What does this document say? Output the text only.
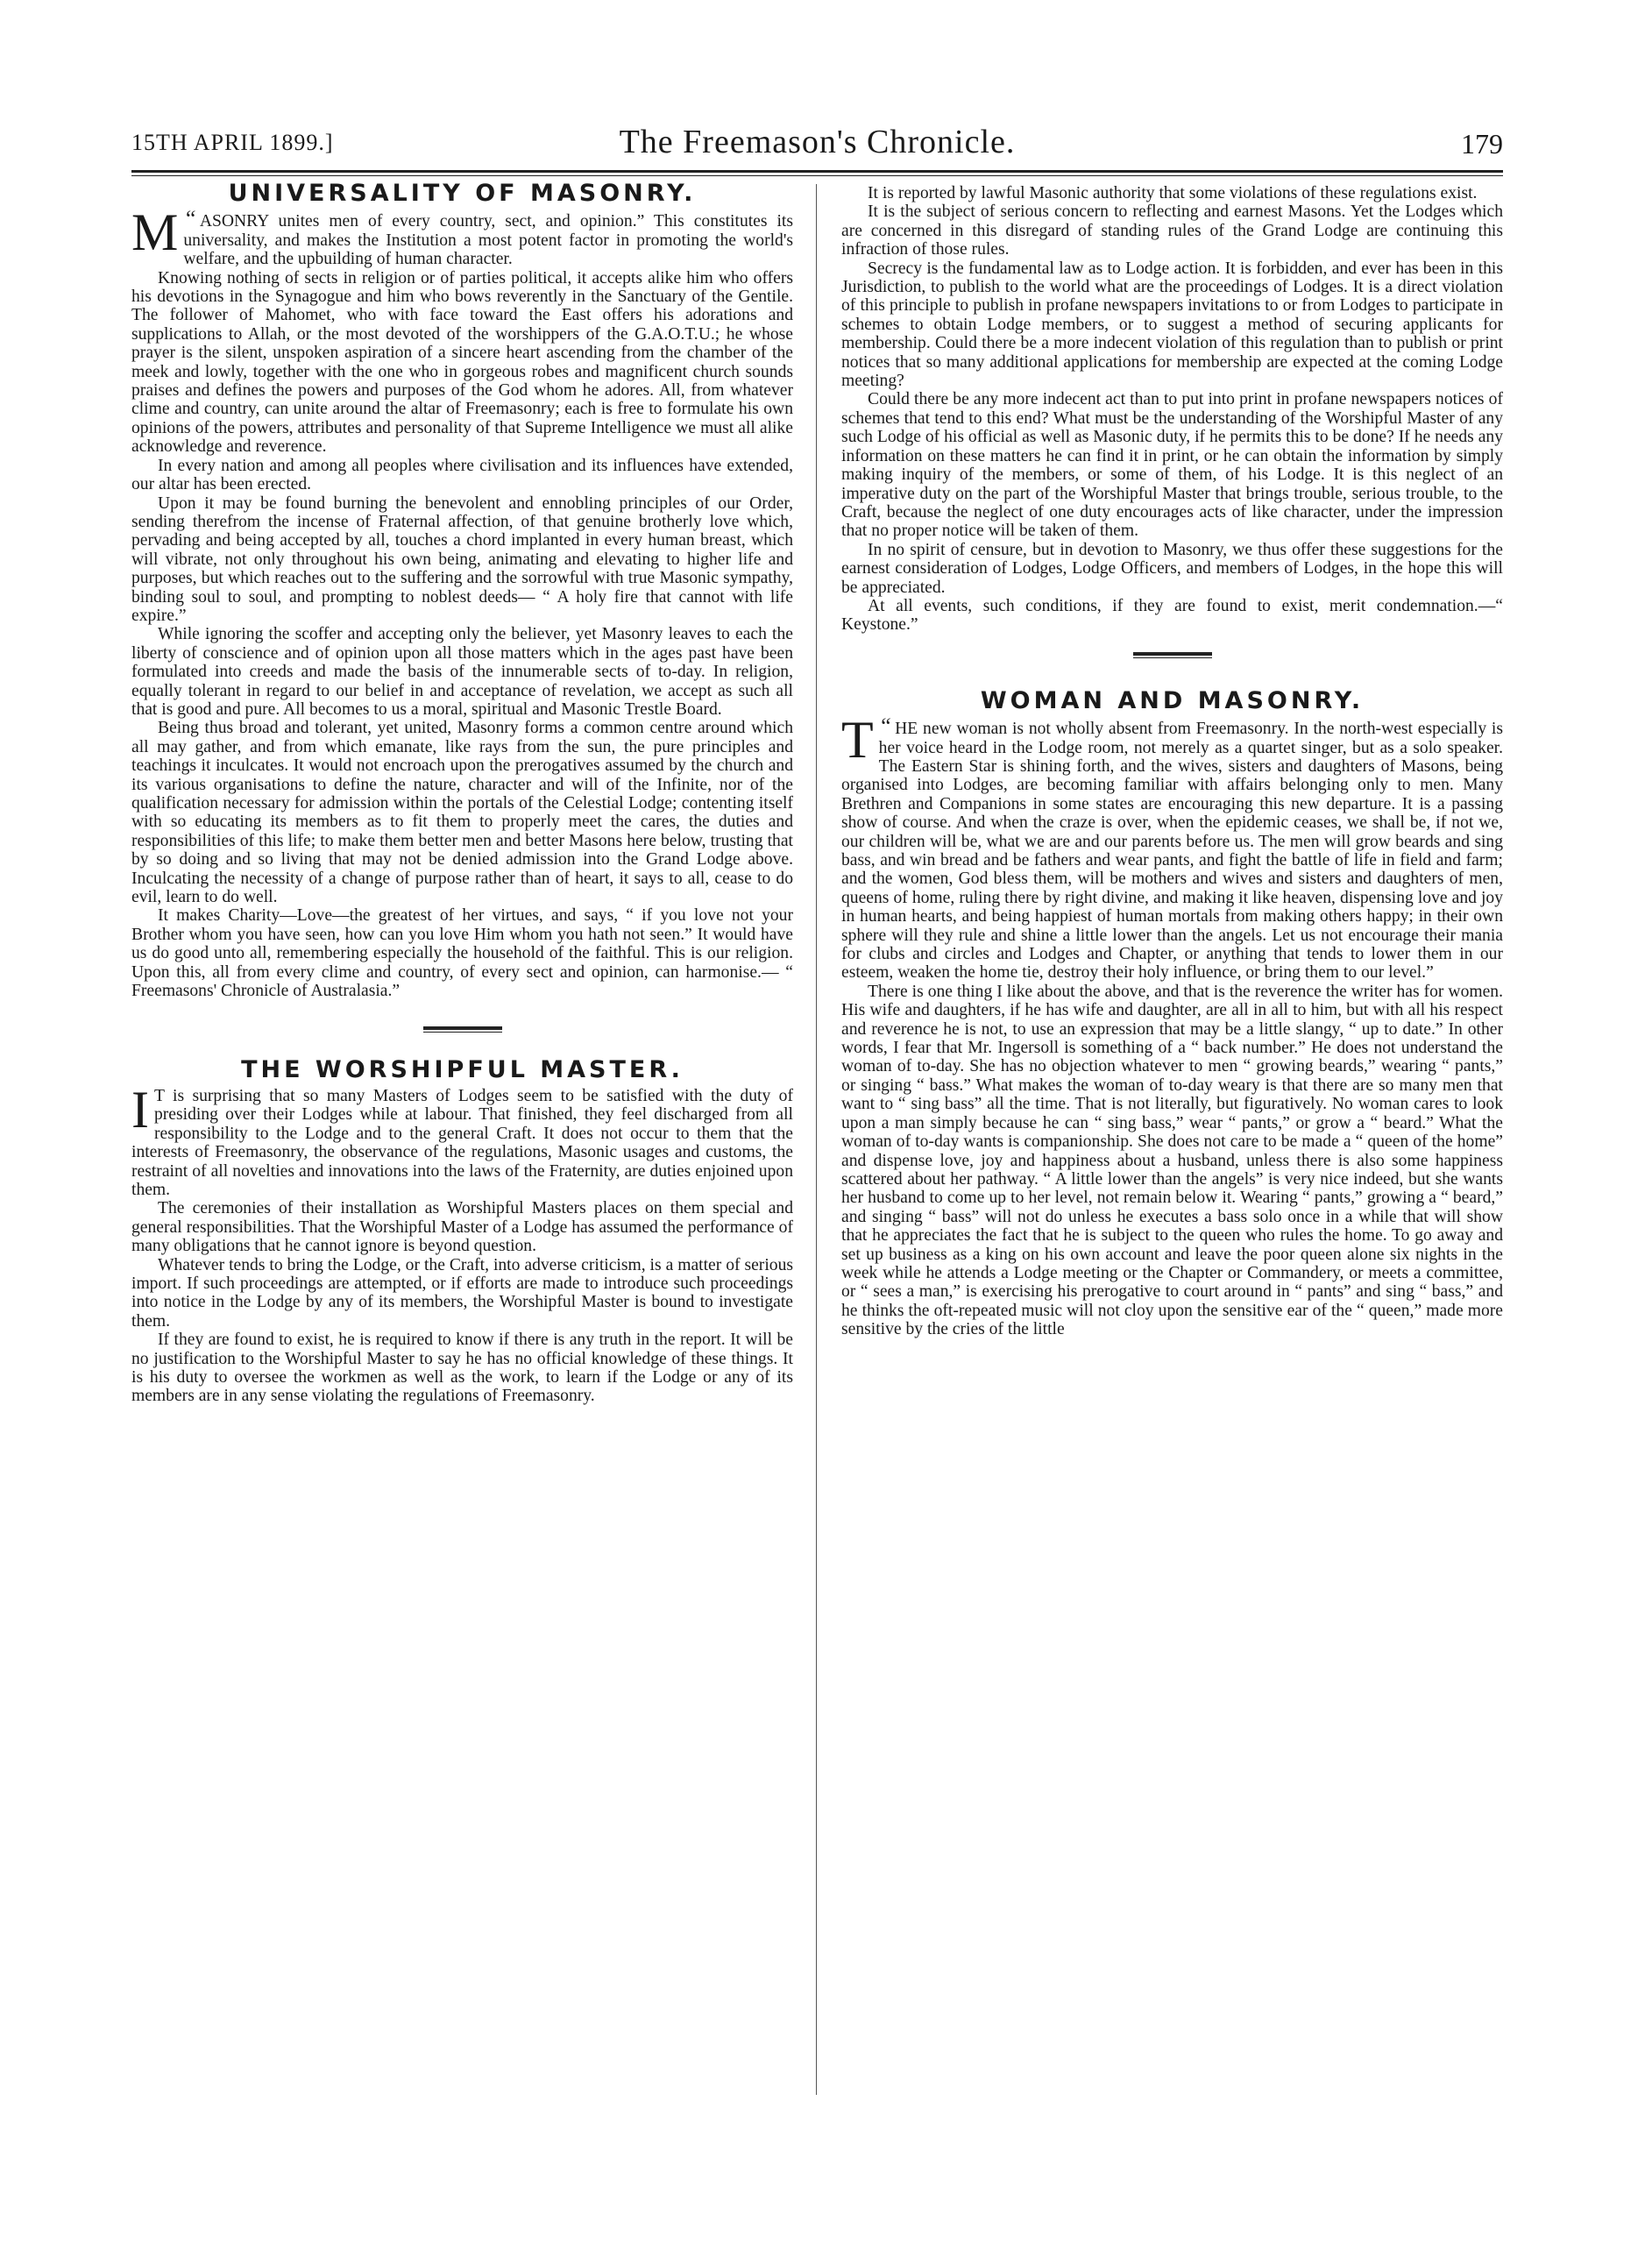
15TH APRIL 1899.]	The Freemason's Chronicle.	179
UNIVERSALITY OF MASONRY.

“
M	ASONRY unites men of every country, sect, and opinion.” This constitutes its universality, and makes the Institution a most potent factor in promoting the world's welfare, and the upbuilding of human character.

Knowing nothing of sects in religion or of parties political, it accepts alike him who offers his devotions in the Synagogue and him who bows reverently in the Sanctuary of the Gentile. The follower of Mahomet, who with face toward the East offers his adorations and supplications to Allah, or the most devoted of the worshippers of the G.A.O.T.U.; he whose prayer is the silent, unspoken aspiration of a sincere heart ascending from the chamber of the meek and lowly, together with the one who in gorgeous robes and magnificent church sounds praises and defines the powers and purposes of the God whom he adores. All, from whatever clime and country, can unite around the altar of Freemasonry; each is free to formulate his own opinions of the powers, attributes and personality of that Supreme Intelligence we must all alike acknowledge and reverence.

In every nation and among all peoples where civilisation and its influences have extended, our altar has been erected.

Upon it may be found burning the benevolent and ennobling principles of our Order, sending therefrom the incense of Fraternal affection, of that genuine brotherly love which, pervading and being accepted by all, touches a chord implanted in every human breast, which will vibrate, not only throughout his own being, animating and elevating to higher life and purposes, but which reaches out to the suffering and the sorrowful with true Masonic sympathy, binding soul to soul, and prompting to noblest deeds— “ A holy fire that cannot with life expire.”

While ignoring the scoffer and accepting only the believer, yet Masonry leaves to each the liberty of conscience and of opinion upon all those matters which in the ages past have been formulated into creeds and made the basis of the innumerable sects of to-day. In religion, equally tolerant in regard to our belief in and acceptance of revelation, we accept as such all that is good and pure. All becomes to us a moral, spiritual and Masonic Trestle Board.

Being thus broad and tolerant, yet united, Masonry forms a common centre around which all may gather, and from which emanate, like rays from the sun, the pure principles and teachings it inculcates. It would not encroach upon the prerogatives assumed by the church and its various organisations to define the nature, character and will of the Infinite, nor of the qualification necessary for admission within the portals of the Celestial Lodge; contenting itself with so educating its members as to fit them to properly meet the cares, the duties and responsibilities of this life; to make them better men and better Masons here below, trusting that by so doing and so living that may not be denied admission into the Grand Lodge above. Inculcating the necessity of a change of purpose rather than of heart, it says to all, cease to do evil, learn to do well.

It makes Charity—Love—the greatest of her virtues, and says, “ if you love not your Brother whom you have seen, how can you love Him whom you hath not seen.” It would have us do good unto all, remembering especially the household of the faithful. This is our religion. Upon this, all from every clime and country, of every sect and opinion, can harmonise.— “ Freemasons' Chronicle of Australasia.”

THE WORSHIPFUL MASTER.

I T is surprising that so many Masters of Lodges seem to be satisfied with the duty of presiding over their Lodges while at labour. That finished, they feel discharged from all responsibility to the Lodge and to the general Craft. It does not occur to them that the interests of Freemasonry, the observance of the regulations, Masonic usages and customs, the restraint of all novelties and innovations into the laws of the Fraternity, are duties enjoined upon them.

The ceremonies of their installation as Worshipful Masters places on them special and general responsibilities. That the Worshipful Master of a Lodge has assumed the performance of many obligations that he cannot ignore is beyond question.

Whatever tends to bring the Lodge, or the Craft, into adverse criticism, is a matter of serious import. If such proceedings are attempted, or if efforts are made to introduce such proceedings into notice in the Lodge by any of its members, the Worshipful Master is bound to investigate them.

If they are found to exist, he is required to know if there is any truth in the report. It will be no justification to the Worshipful Master to say he has no official knowledge of these things. It is his duty to oversee the workmen as well as the work, to learn if the Lodge or any of its members are in any sense violating the regulations of Freemasonry.

It is reported by lawful Masonic authority that some violations of these regulations exist.

It is the subject of serious concern to reflecting and earnest Masons. Yet the Lodges which are concerned in this disregard of standing rules of the Grand Lodge are continuing this infraction of those rules.

Secrecy is the fundamental law as to Lodge action. It is forbidden, and ever has been in this Jurisdiction, to publish to the world what are the proceedings of Lodges. It is a direct violation of this principle to publish in profane newspapers invitations to or from Lodges to participate in schemes to obtain Lodge members, or to suggest a method of securing applicants for membership. Could there be a more indecent violation of this regulation than to publish or print notices that so many additional applications for membership are expected at the coming Lodge meeting?

Could there be any more indecent act than to put into print in profane newspapers notices of schemes that tend to this end? What must be the understanding of the Worshipful Master of any such Lodge of his official as well as Masonic duty, if he permits this to be done? If he needs any information on these matters he can find it in print, or he can obtain the information by simply making inquiry of the members, or some of them, of his Lodge. It is this neglect of an imperative duty on the part of the Worshipful Master that brings trouble, serious trouble, to the Craft, because the neglect of one duty encourages acts of like character, under the impression that no proper notice will be taken of them.

In no spirit of censure, but in devotion to Masonry, we thus offer these suggestions for the earnest consideration of Lodges, Lodge Officers, and members of Lodges, in the hope this will be appreciated.

At all events, such conditions, if they are found to exist, merit condemnation.—“ Keystone.”

WOMAN AND MASONRY.

“
T	HE new woman is not wholly absent from Freemasonry. In the north-west especially is her voice heard in the Lodge room, not merely as a quartet singer, but as a solo speaker. The Eastern Star is shining forth, and the wives, sisters and daughters of Masons, being organised into Lodges, are becoming familiar with affairs belonging only to men. Many Brethren and Companions in some states are encouraging this new departure. It is a passing show of course. And when the craze is over, when the epidemic ceases, we shall be, if not we, our children will be, what we are and our parents before us. The men will grow beards and sing bass, and win bread and be fathers and wear pants, and fight the battle of life in field and farm; and the women, God bless them, will be mothers and wives and sisters and daughters of men, queens of home, ruling there by right divine, and making it like heaven, dispensing love and joy in human hearts, and being happiest of human mortals from making others happy; in their own sphere will they rule and shine a little lower than the angels. Let us not encourage their mania for clubs and circles and Lodges and Chapter, or anything that tends to lower them in our esteem, weaken the home tie, destroy their holy influence, or bring them to our level.”

There is one thing I like about the above, and that is the reverence the writer has for women. His wife and daughters, if he has wife and daughter, are all in all to him, but with all his respect and reverence he is not, to use an expression that may be a little slangy, “ up to date.” In other words, I fear that Mr. Ingersoll is something of a “ back number.” He does not understand the woman of to-day. She has no objection whatever to men “ growing beards,” wearing “ pants,” or singing “ bass.” What makes the woman of to-day weary is that there are so many men that want to “ sing bass” all the time. That is not literally, but figuratively. No woman cares to look upon a man simply because he can “ sing bass,” wear “ pants,” or grow a “ beard.” What the woman of to-day wants is companionship. She does not care to be made a “ queen of the home” and dispense love, joy and happiness about a husband, unless there is also some happiness scattered about her pathway. “ A little lower than the angels” is very nice indeed, but she wants her husband to come up to her level, not remain below it. Wearing “ pants,” growing a “ beard,” and singing “ bass” will not do unless he executes a bass solo once in a while that will show that he appreciates the fact that he is subject to the queen who rules the home. To go away and set up business as a king on his own account and leave the poor queen alone six nights in the week while he attends a Lodge meeting or the Chapter or Commandery, or meets a committee, or “ sees a man,” is exercising his prerogative to court around in “ pants” and sing “ bass,” and he thinks the oft-repeated music will not cloy upon the sensitive ear of the “ queen,” made more sensitive by the cries of the little
